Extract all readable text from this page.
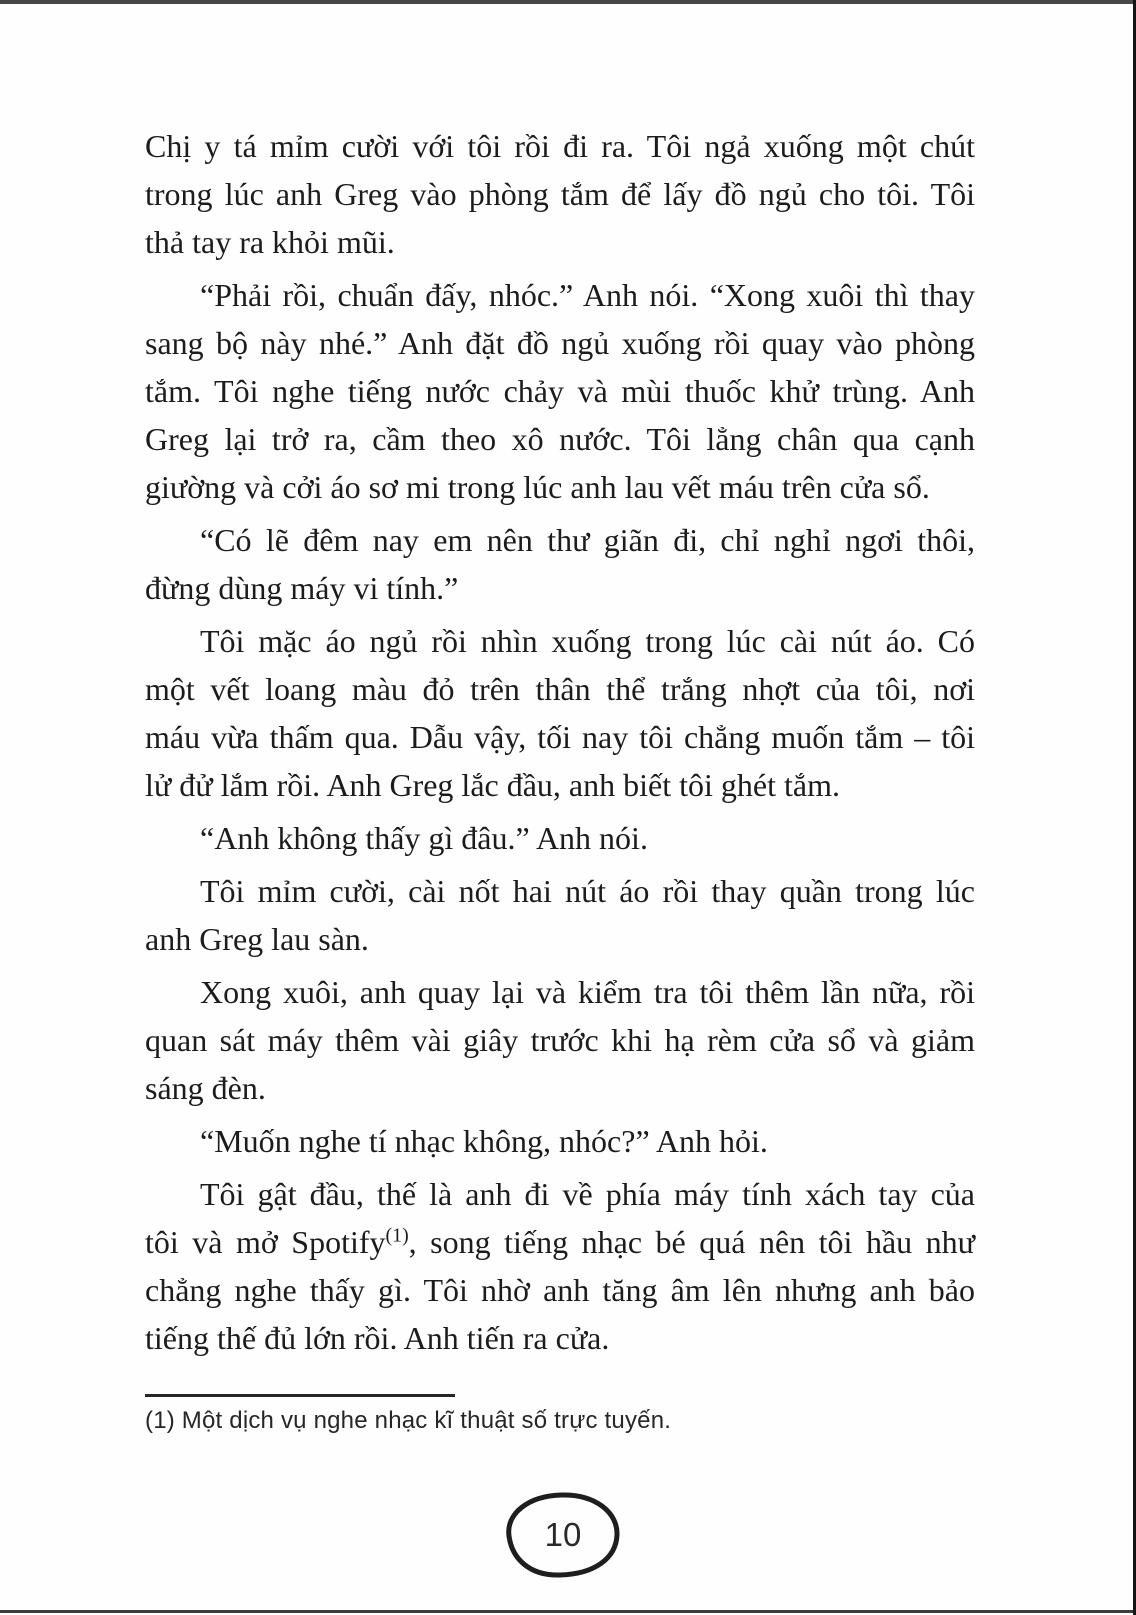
Chị y tá mỉm cười với tôi rồi đi ra. Tôi ngả xuống một chút
trong lúc anh Greg vào phòng tắm để lấy đồ ngủ cho tôi. Tôi
thả tay ra khỏi mũi.

“Phải rồi, chuẩn đấy, nhóc.” Anh nói. “Xong xuôi thì thay
sang bộ này nhé.” Anh đặt đồ ngủ xuống rồi quay vào phòng
tắm. Tôi nghe tiếng nước chảy và mùi thuốc khử trùng. Anh
Greg lại trở ra, cầm theo xô nước. Tôi lẳng chân qua cạnh
giường và cởi áo sơ mi trong lúc anh lau vết máu trên cửa sổ.

“Có lẽ đêm nay em nên thư giãn đi, chỉ nghỉ ngơi thôi,
đừng dùng máy vi tính.”

Tôi mặc áo ngủ rồi nhìn xuống trong lúc cài nút áo. Có
một vết loang màu đỏ trên thân thể trắng nhợt của tôi, nơi
máu vừa thấm qua. Dẫu vậy, tối nay tôi chẳng muốn tắm – tôi
lử đử lắm rồi. Anh Greg lắc đầu, anh biết tôi ghét tắm.

“Anh không thấy gì đâu.” Anh nói.

Tôi mỉm cười, cài nốt hai nút áo rồi thay quần trong lúc
anh Greg lau sàn.

Xong xuôi, anh quay lại và kiểm tra tôi thêm lần nữa, rồi
quan sát máy thêm vài giây trước khi hạ rèm cửa sổ và giảm
sáng đèn.

“Muốn nghe tí nhạc không, nhóc?” Anh hỏi.

Tôi gật đầu, thế là anh đi về phía máy tính xách tay của
tôi và mở Spotify$^{(1)}$, song tiếng nhạc bé quá nên tôi hầu như
chẳng nghe thấy gì. Tôi nhờ anh tăng âm lên nhưng anh bảo
tiếng thế đủ lớn rồi. Anh tiến ra cửa.

(1) Một dịch vụ nghe nhạc kĩ thuật số trực tuyến.
10
